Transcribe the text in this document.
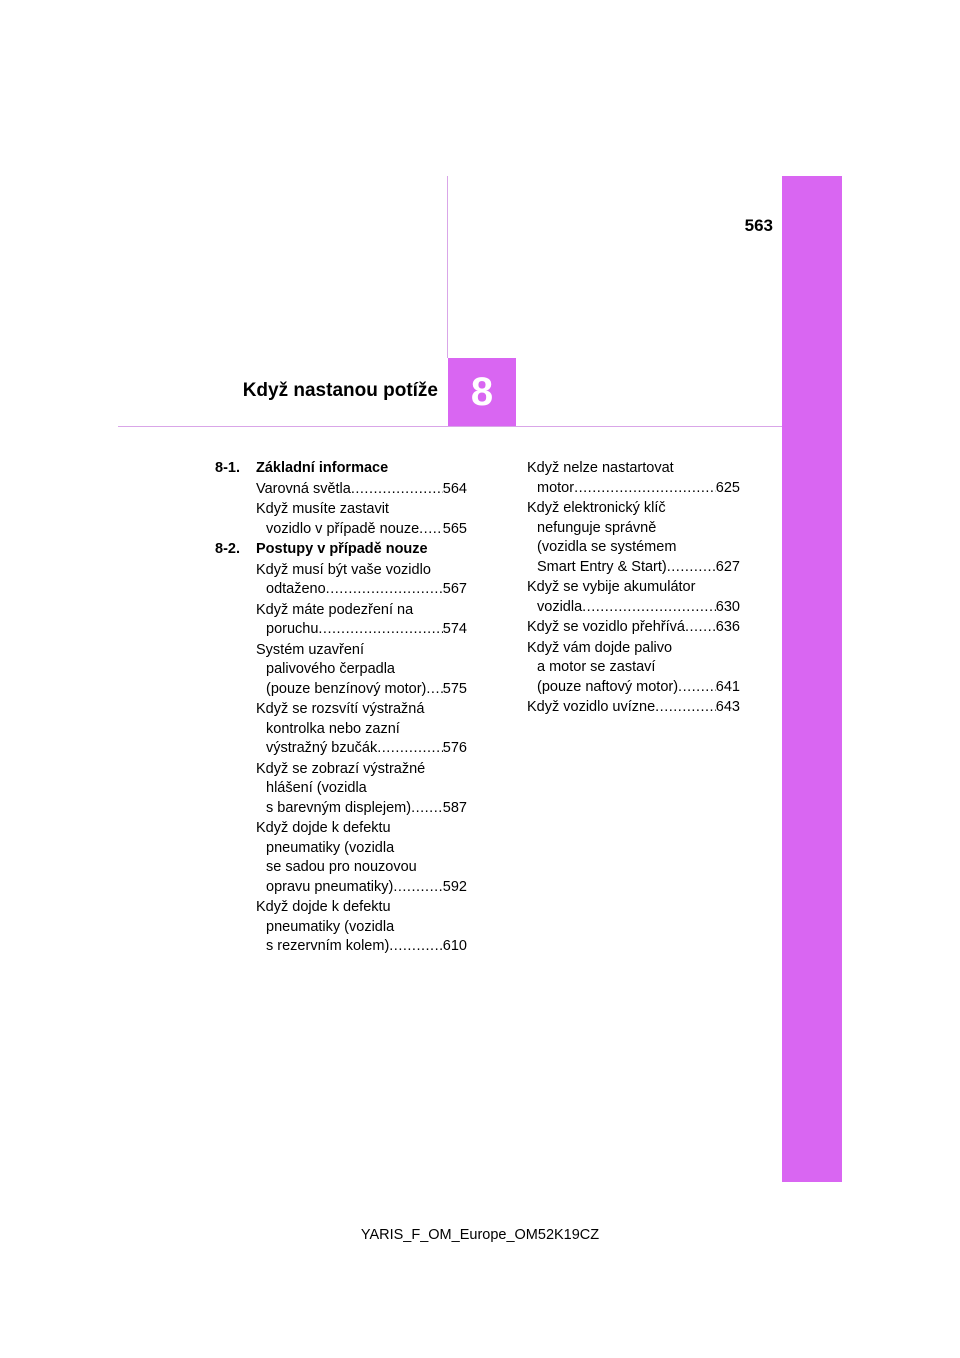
563
Když nastanou potíže 8
8-1.	Základní informace
Varovná světla .....	564
Když musíte zastavit
vozidlo v případě nouze ..... 565
8-2.	Postupy v případě nouze
Když musí být vaše vozidlo
odtaženo .....	567
Když máte podezření na
poruchu .....	574
Systém uzavření
palivového čerpadla
(pouze benzínový motor) ..... 575
Když se rozsvítí výstražná
kontrolka nebo zazní
výstražný bzučák .....	576
Když se zobrazí výstražné
hlášení (vozidla
s barevným displejem) ..... 587
Když dojde k defektu
pneumatiky (vozidla
se sadou pro nouzovou
opravu pneumatiky) .....	592
Když dojde k defektu
pneumatiky (vozidla
s rezervním kolem) .....	610
Když nelze nastartovat
motor .....	625
Když elektronický klíč
nefunguje správně
(vozidla se systémem
Smart Entry & Start) .....	627
Když se vybije akumulátor
vozidla .....	630
Když se vozidlo přehřívá ..... 636
Když vám dojde palivo
a motor se zastaví
(pouze naftový motor) .....	641
Když vozidlo uvízne .....	643
YARIS_F_OM_Europe_OM52K19CZ
